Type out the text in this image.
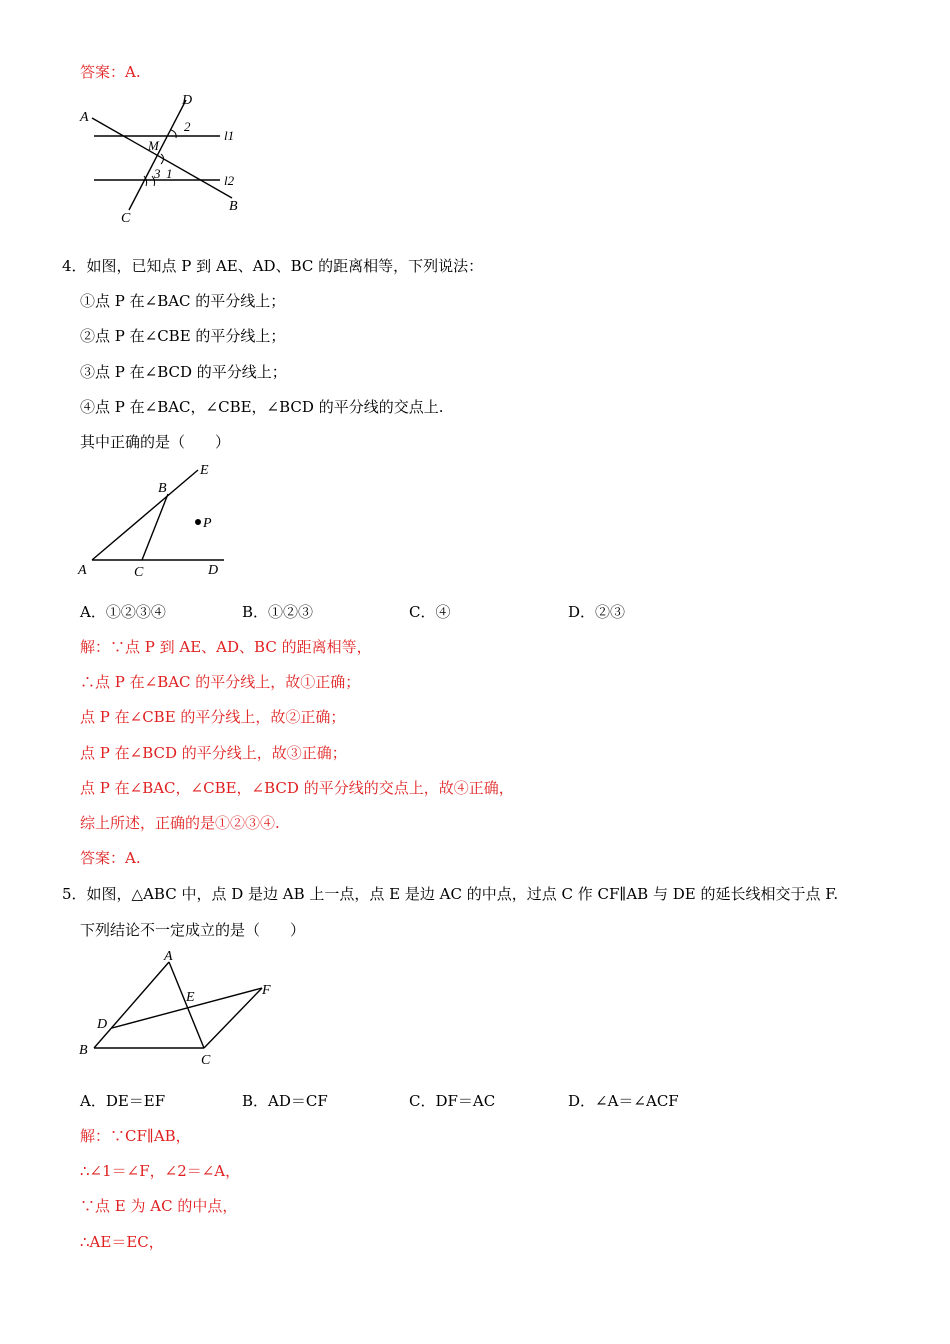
答案：A.
A
D
2
l1
M
3 1	l2
B
C
4．如图，已知点 P 到 AE、AD、BC 的距离相等，下列说法：
①点 P 在∠BAC 的平分线上；
②点 P 在∠CBE 的平分线上；
③点 P 在∠BCD 的平分线上；
④点 P 在∠BAC，∠CBE，∠BCD 的平分线的交点上.
其中正确的是（　　）
E
B
P
A	C	D
A．①②③④	B．①②③	C．④	D．②③
解：∵点 P 到 AE、AD、BC 的距离相等，
∴点 P 在∠BAC 的平分线上，故①正确；
点 P 在∠CBE 的平分线上，故②正确；
点 P 在∠BCD 的平分线上，故③正确；
点 P 在∠BAC，∠CBE，∠BCD 的平分线的交点上，故④正确，
综上所述，正确的是①②③④.
答案：A.
5．如图，△ABC 中，点 D 是边 AB 上一点，点 E 是边 AC 的中点，过点 C 作 CF∥AB 与 DE 的延长线相交于点 F.
下列结论不一定成立的是（　　）
A
E	F
D
B
C
A．DE＝EF	B．AD＝CF	C．DF＝AC	D．∠A＝∠ACF
解：∵CF∥AB，
∴∠1＝∠F，∠2＝∠A，
∵点 E 为 AC 的中点，
∴AE＝EC，
